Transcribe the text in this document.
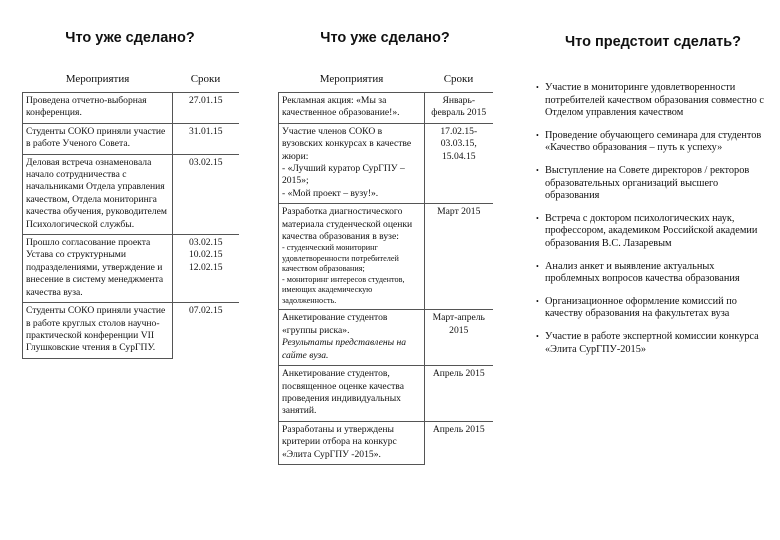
Что уже сделано?
Мероприятия	Сроки
Проведена отчетно-выборная конференция.	27.01.15

Студенты СОКО приняли участие в работе Ученого Совета.	31.01.15

Деловая встреча ознаменовала начало сотрудничества с начальниками Отдела управления качеством, Отдела мониторинга качества обучения, руководителем Психологической службы.	03.02.15

Прошло согласование проекта Устава со структурными подразделениями, утверждение и внесение в систему менеджмента качества вуза.	03.02.15
10.02.15
12.02.15

Студенты СОКО приняли участие в работе круглых столов научно-практической конференции VII Глушковские чтения в СурГПУ.	07.02.15
Что уже сделано?
Мероприятия	Сроки

Рекламная акция: «Мы за качественное образование!».	Январь-февраль 2015

Участие членов СОКО в вузовских конкурсах в качестве жюри:
- «Лучший куратор СурГПУ – 2015»;
- «Мой проект – вузу!».	17.02.15-
03.03.15,
15.04.15

Разработка диагностического материала студенческой оценки качества образования в вузе:
- студенческий мониторинг удовлетворенности потребителей качеством образования;
- мониторинг интересов студентов, имеющих академическую задолженность.	Март 2015

Анкетирование студентов «группы риска».
Результаты представлены на сайте вуза.	Март-апрель 2015

Анкетирование студентов, посвященное оценке качества проведения индивидуальных занятий.	Апрель 2015

Разработаны и утверждены критерии отбора на конкурс «Элита СурГПУ -2015».	Апрель 2015
Что предстоит сделать?
• Участие в мониторинге удовлетворенности потребителей качеством образования совместно с Отделом управления качеством
• Проведение обучающего семинара для студентов «Качество образования – путь к успеху»
• Выступление на Совете директоров / ректоров образовательных организаций высшего образования
• Встреча с доктором психологических наук, профессором, академиком Российской академии образования В.С. Лазаревым
• Анализ анкет и выявление актуальных проблемных вопросов качества образования
• Организационное оформление комиссий по качеству образования на факультетах вуза
• Участие в работе экспертной комиссии конкурса «Элита СурГПУ-2015»
